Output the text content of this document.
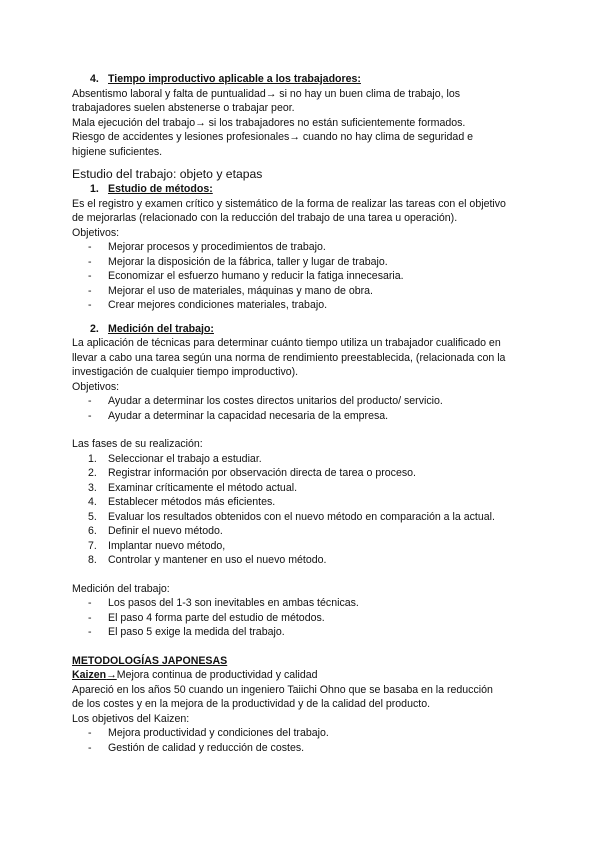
4. Tiempo improductivo aplicable a los trabajadores:

Absentismo laboral y falta de puntualidad→ si no hay un buen clima de trabajo, los

trabajadores suelen abstenerse o trabajar peor.

Mala ejecución del trabajo→ si los trabajadores no están suficientemente formados.

Riesgo de accidentes y lesiones profesionales→ cuando no hay clima de seguridad e

higiene suficientes.

Estudio del trabajo: objeto y etapas
1. Estudio de métodos:

Es el registro y examen crítico y sistemático de la forma de realizar las tareas con el objetivo

de mejorarlas (relacionado con la reducción del trabajo de una tarea u operación).

Objetivos:

-	Mejorar procesos y procedimientos de trabajo.
-	Mejorar la disposición de la fábrica, taller y lugar de trabajo.
-	Economizar el esfuerzo humano y reducir la fatiga innecesaria.
-	Mejorar el uso de materiales, máquinas y mano de obra.
-	Crear mejores condiciones materiales, trabajo.
2. Medición del trabajo:

La aplicación de técnicas para determinar cuánto tiempo utiliza un trabajador cualificado en

llevar a cabo una tarea según una norma de rendimiento preestablecida, (relacionada con la

investigación de cualquier tiempo improductivo).

Objetivos:

-	Ayudar a determinar los costes directos unitarios del producto/ servicio.
-	Ayudar a determinar la capacidad necesaria de la empresa.

Las fases de su realización:

1.	Seleccionar el trabajo a estudiar.
2.	Registrar información por observación directa de tarea o proceso.
3.	Examinar críticamente el método actual.
4.	Establecer métodos más eficientes.
5.	Evaluar los resultados obtenidos con el nuevo método en comparación a la actual.
6.	Definir el nuevo método.
7.	Implantar nuevo método,
8.	Controlar y mantener en uso el nuevo método.

Medición del trabajo:

-	Los pasos del 1-3 son inevitables en ambas técnicas.
-	El paso 4 forma parte del estudio de métodos.
-	El paso 5 exige la medida del trabajo.

METODOLOGÍAS JAPONESAS

Kaizen → Mejora continua de productividad y calidad

Apareció en los años 50 cuando un ingeniero Taiichi Ohno que se basaba en la reducción

de los costes y en la mejora de la productividad y de la calidad del producto.

Los objetivos del Kaizen:

-	Mejora productividad y condiciones del trabajo.
-	Gestión de calidad y reducción de costes.
